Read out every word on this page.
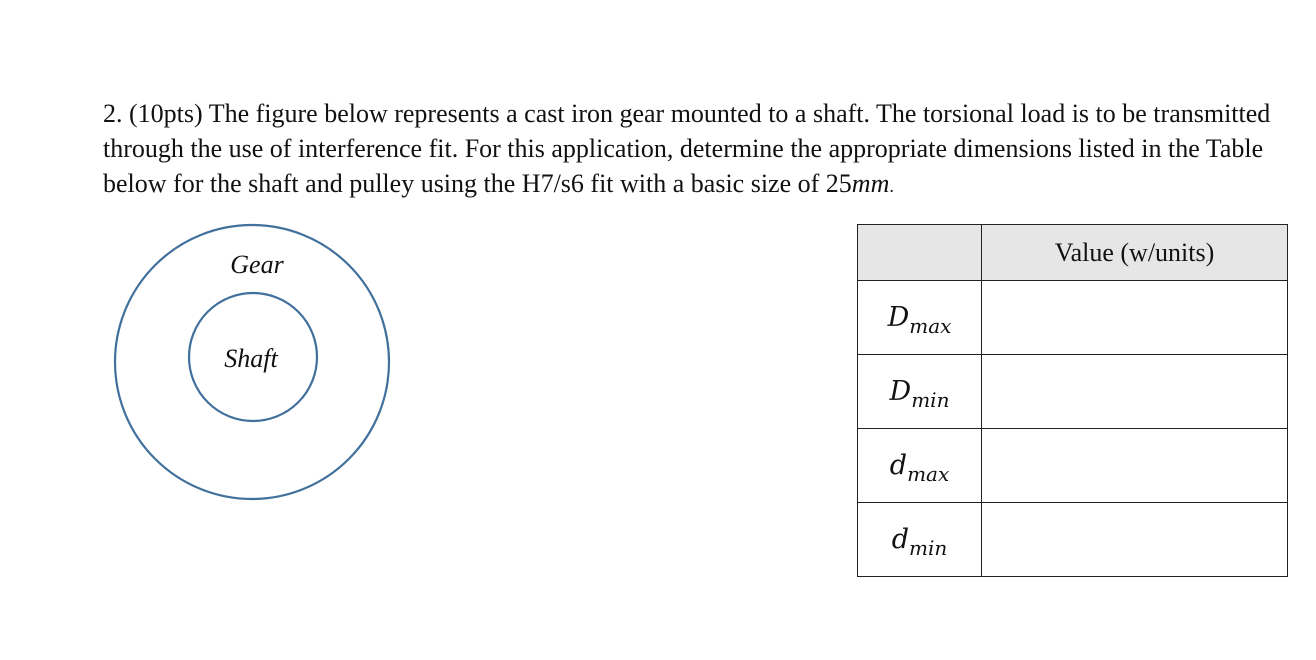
2. (10pts) The figure below represents a cast iron gear mounted to a shaft. The torsional load is to be transmitted through the use of interference fit. For this application, determine the appropriate dimensions listed in the Table below for the shaft and pulley using the H7/s6 fit with a basic size of 25mm.

Gear
Shaft
	Value (w/units)
$D_{max}$	
$D_{min}$	
$d_{max}$	
$d_{min}$	
